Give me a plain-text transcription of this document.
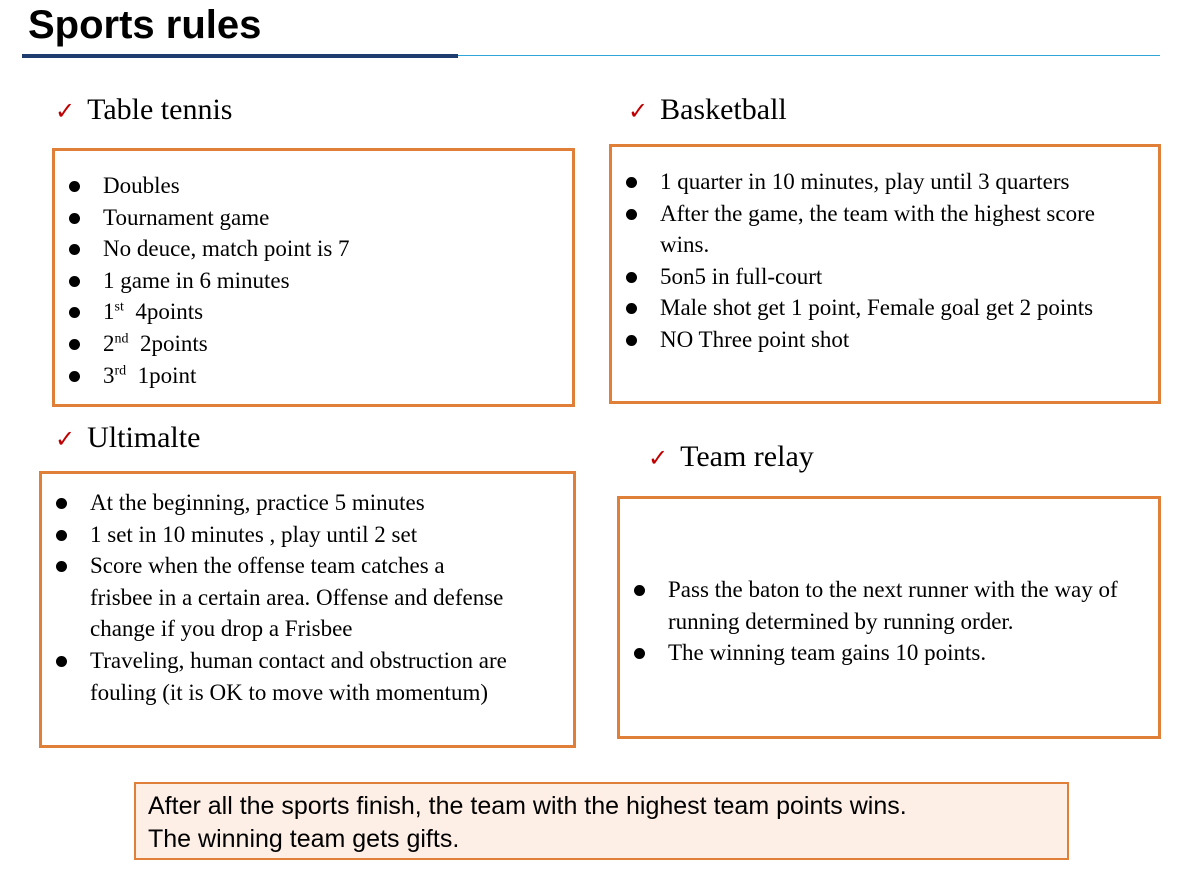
Sports rules
✓ Table tennis
Doubles
Tournament game
No deuce, match point is 7
1 game in 6 minutes
1st 4points
2nd 2points
3rd 1point
✓ Basketball
1 quarter in 10 minutes, play until 3 quarters
After the game, the team with the highest score wins.
5on5 in full-court
Male shot get 1 point, Female goal get 2 points
NO Three point shot
✓ Ultimalte
At the beginning, practice 5 minutes
1 set in 10 minutes , play until 2 set
Score when the offense team catches a frisbee in a certain area. Offense and defense change if you drop a Frisbee
Traveling, human contact and obstruction are fouling (it is OK to move with momentum)
✓ Team relay
Pass the baton to the next runner with the way of running determined by running order.
The winning team gains 10 points.
After all the sports finish, the team with the highest team points wins.
The winning team gets gifts.
